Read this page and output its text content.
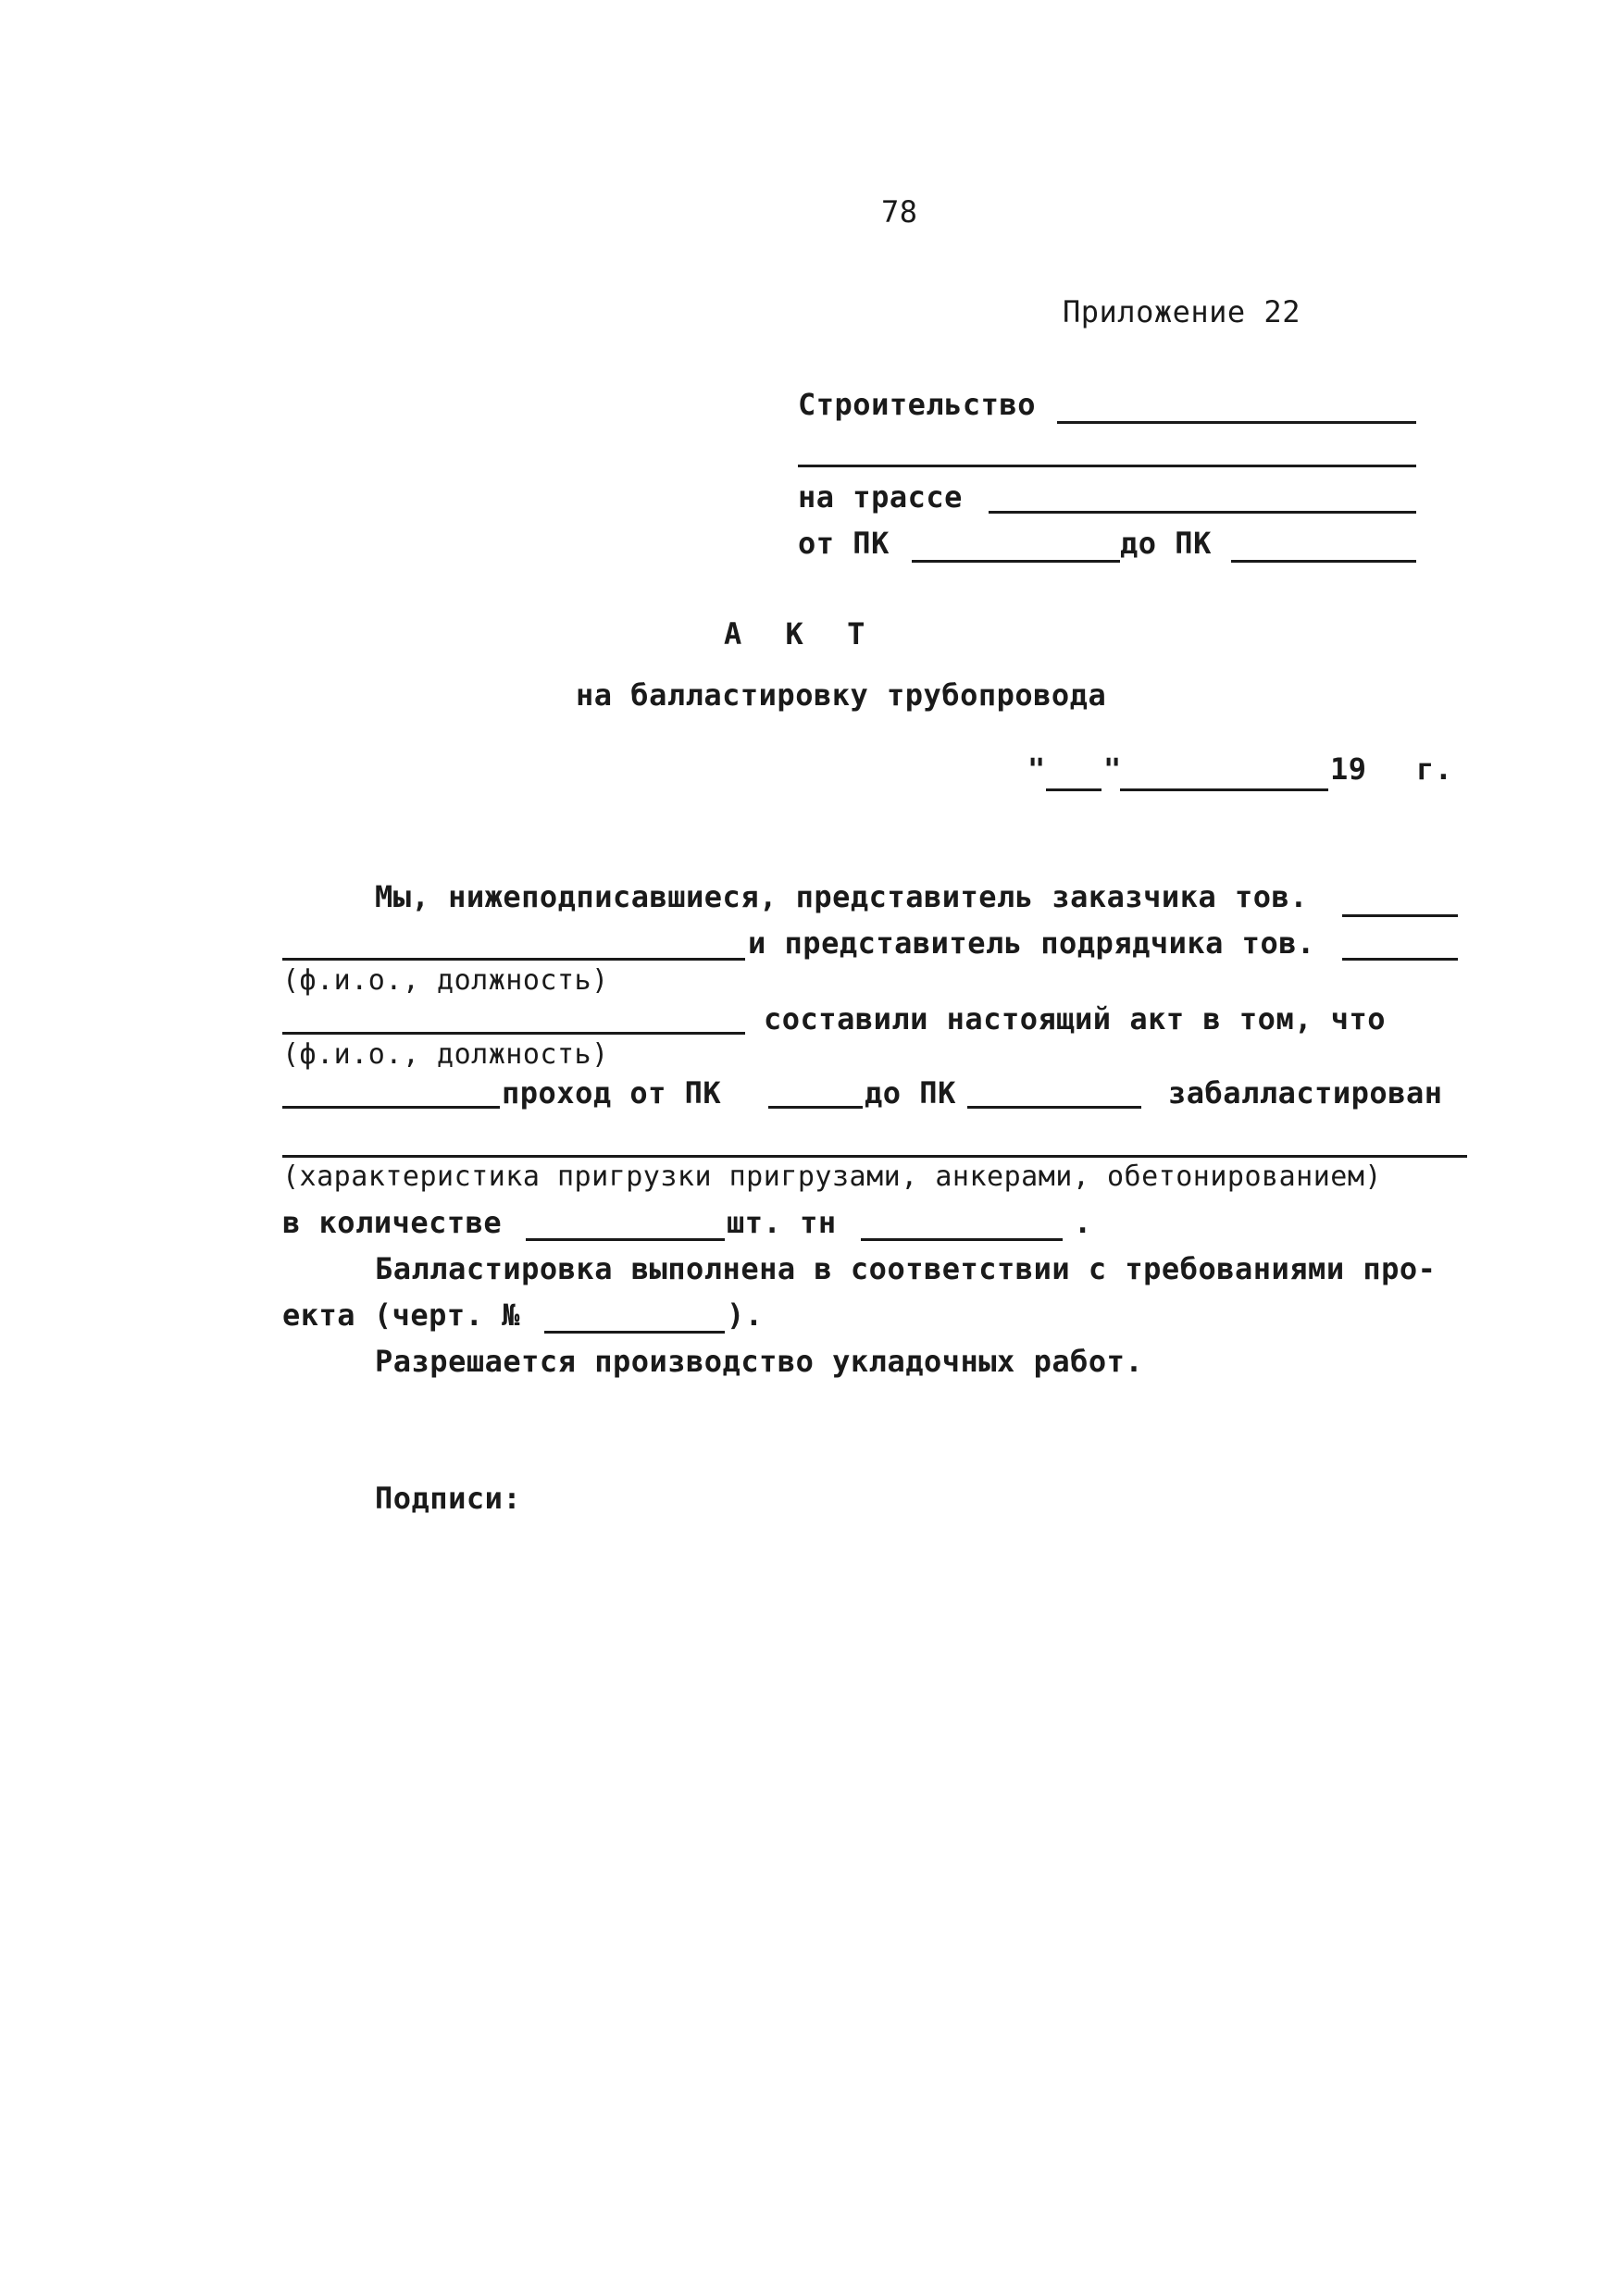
78
Приложение 22
Строительство
на трассе
от ПК	до ПК
А К Т
на балластировку трубопровода
" "	19 г.
Мы, нижеподписавшиеся, представитель заказчика тов.
и представитель подрядчика тов.
(ф.и.о., должность)
составили настоящий акт в том, что
(ф.и.о., должность)
проход от ПК	до ПК	забалластирован
(характеристика пригрузки пригрузами, анкерами, обетонированием)
в количестве	шт. тн	.
Балластировка выполнена в соответствии с требованиями про-
екта (черт. №	).
Разрешается производство укладочных работ.
Подписи:
